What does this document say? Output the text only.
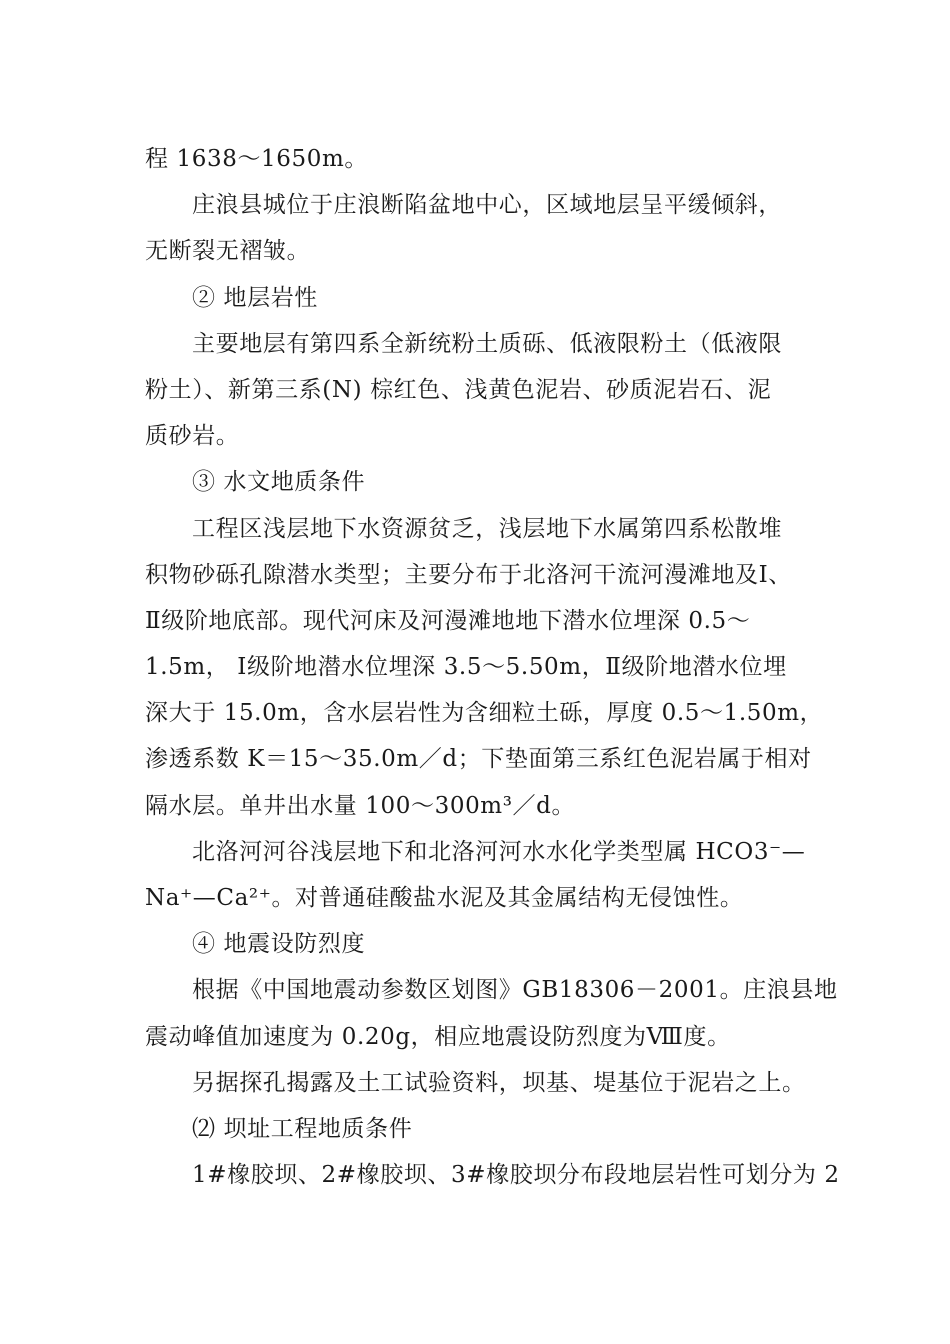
程 1638～1650m。
庄浪县城位于庄浪断陷盆地中心，区域地层呈平缓倾斜，
无断裂无褶皱。
② 地层岩性
主要地层有第四系全新统粉土质砾、低液限粉土（低液限
粉土）、新第三系(N) 棕红色、浅黄色泥岩、砂质泥岩石、泥
质砂岩。
③ 水文地质条件
工程区浅层地下水资源贫乏，浅层地下水属第四系松散堆
积物砂砾孔隙潜水类型；主要分布于北洛河干流河漫滩地及Ⅰ、
Ⅱ级阶地底部。现代河床及河漫滩地地下潜水位埋深 0.5～
1.5m， Ⅰ级阶地潜水位埋深 3.5～5.50m，Ⅱ级阶地潜水位埋
深大于 15.0m，含水层岩性为含细粒土砾，厚度 0.5～1.50m，
渗透系数 K＝15～35.0m／d；下垫面第三系红色泥岩属于相对
隔水层。单井出水量 100～300m³／d。
北洛河河谷浅层地下和北洛河河水水化学类型属 HCO3⁻—
Na⁺—Ca²⁺。对普通硅酸盐水泥及其金属结构无侵蚀性。
④ 地震设防烈度
根据《中国地震动参数区划图》GB18306－2001。庄浪县地
震动峰值加速度为 0.20g，相应地震设防烈度为Ⅷ度。
另据探孔揭露及土工试验资料，坝基、堤基位于泥岩之上。
⑵ 坝址工程地质条件
1#橡胶坝、2#橡胶坝、3#橡胶坝分布段地层岩性可划分为 2
